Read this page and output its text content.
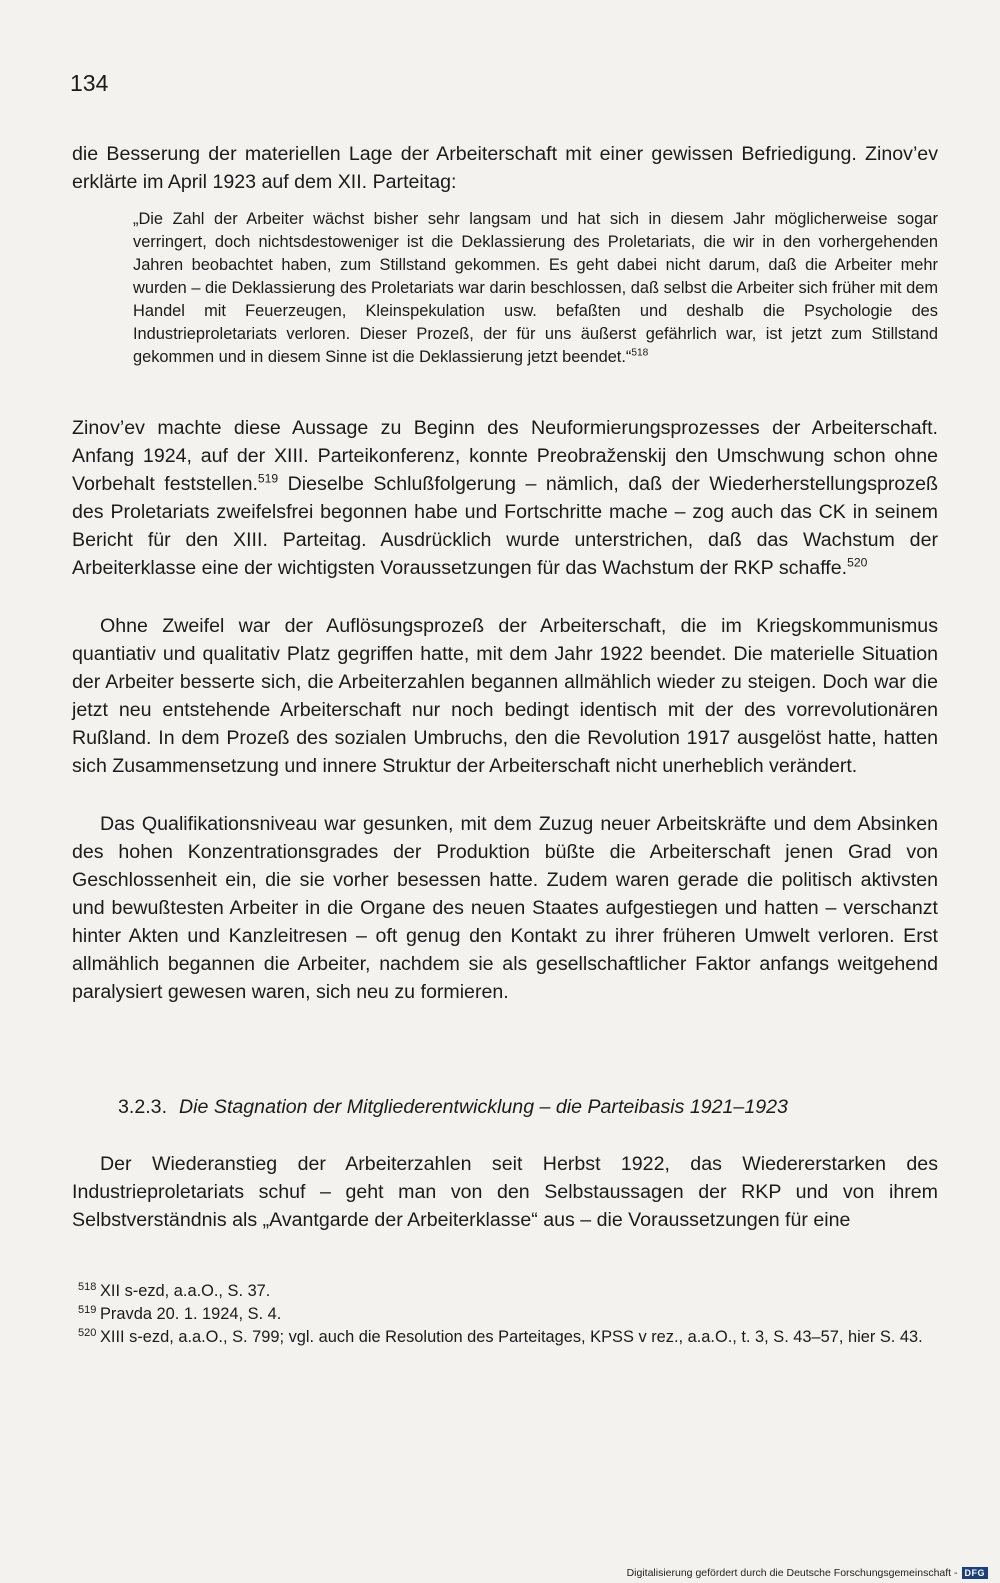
134

die Besserung der materiellen Lage der Arbeiterschaft mit einer gewissen Befriedigung. Zinov’ev erklärte im April 1923 auf dem XII. Parteitag:

„Die Zahl der Arbeiter wächst bisher sehr langsam und hat sich in diesem Jahr möglicherweise sogar verringert, doch nichtsdestoweniger ist die Deklassierung des Proletariats, die wir in den vorhergehenden Jahren beobachtet haben, zum Stillstand gekommen. Es geht dabei nicht darum, daß die Arbeiter mehr wurden – die Deklassierung des Proletariats war darin beschlossen, daß selbst die Arbeiter sich früher mit dem Handel mit Feuerzeugen, Kleinspekulation usw. befaßten und deshalb die Psychologie des Industrieproletariats verloren. Dieser Prozeß, der für uns äußerst gefährlich war, ist jetzt zum Stillstand gekommen und in diesem Sinne ist die Deklassierung jetzt beendet.“$^{518}$

Zinov’ev machte diese Aussage zu Beginn des Neuformierungsprozesses der Arbeiterschaft. Anfang 1924, auf der XIII. Parteikonferenz, konnte Preobraženskij den Umschwung schon ohne Vorbehalt feststellen.$^{519}$ Dieselbe Schlußfolgerung – nämlich, daß der Wiederherstellungsprozeß des Proletariats zweifelsfrei begonnen habe und Fortschritte mache – zog auch das CK in seinem Bericht für den XIII. Parteitag. Ausdrücklich wurde unterstrichen, daß das Wachstum der Arbeiterklasse eine der wichtigsten Voraussetzungen für das Wachstum der RKP schaffe.$^{520}$

Ohne Zweifel war der Auflösungsprozeß der Arbeiterschaft, die im Kriegskommunismus quantiativ und qualitativ Platz gegriffen hatte, mit dem Jahr 1922 beendet. Die materielle Situation der Arbeiter besserte sich, die Arbeiterzahlen begannen allmählich wieder zu steigen. Doch war die jetzt neu entstehende Arbeiterschaft nur noch bedingt identisch mit der des vorrevolutionären Rußland. In dem Prozeß des sozialen Umbruchs, den die Revolution 1917 ausgelöst hatte, hatten sich Zusammensetzung und innere Struktur der Arbeiterschaft nicht unerheblich verändert.

Das Qualifikationsniveau war gesunken, mit dem Zuzug neuer Arbeitskräfte und dem Absinken des hohen Konzentrationsgrades der Produktion büßte die Arbeiterschaft jenen Grad von Geschlossenheit ein, die sie vorher besessen hatte. Zudem waren gerade die politisch aktivsten und bewußtesten Arbeiter in die Organe des neuen Staates aufgestiegen und hatten – verschanzt hinter Akten und Kanzleitresen – oft genug den Kontakt zu ihrer früheren Umwelt verloren. Erst allmählich begannen die Arbeiter, nachdem sie als gesellschaftlicher Faktor anfangs weitgehend paralysiert gewesen waren, sich neu zu formieren.

3.2.3. Die Stagnation der Mitgliederentwicklung – die Parteibasis 1921–1923

Der Wiederanstieg der Arbeiterzahlen seit Herbst 1922, das Wiedererstarken des Industrieproletariats schuf – geht man von den Selbstaussagen der RKP und von ihrem Selbstverständnis als „Avantgarde der Arbeiterklasse“ aus – die Voraussetzungen für eine

518 XII s-ezd, a.a.O., S. 37.
519 Pravda 20. 1. 1924, S. 4.
520 XIII s-ezd, a.a.O., S. 799; vgl. auch die Resolution des Parteitages, KPSS v rez., a.a.O., t. 3, S. 43–57, hier S. 43.
Digitalisierung gefördert durch die Deutsche Forschungsgemeinschaft - DFG
